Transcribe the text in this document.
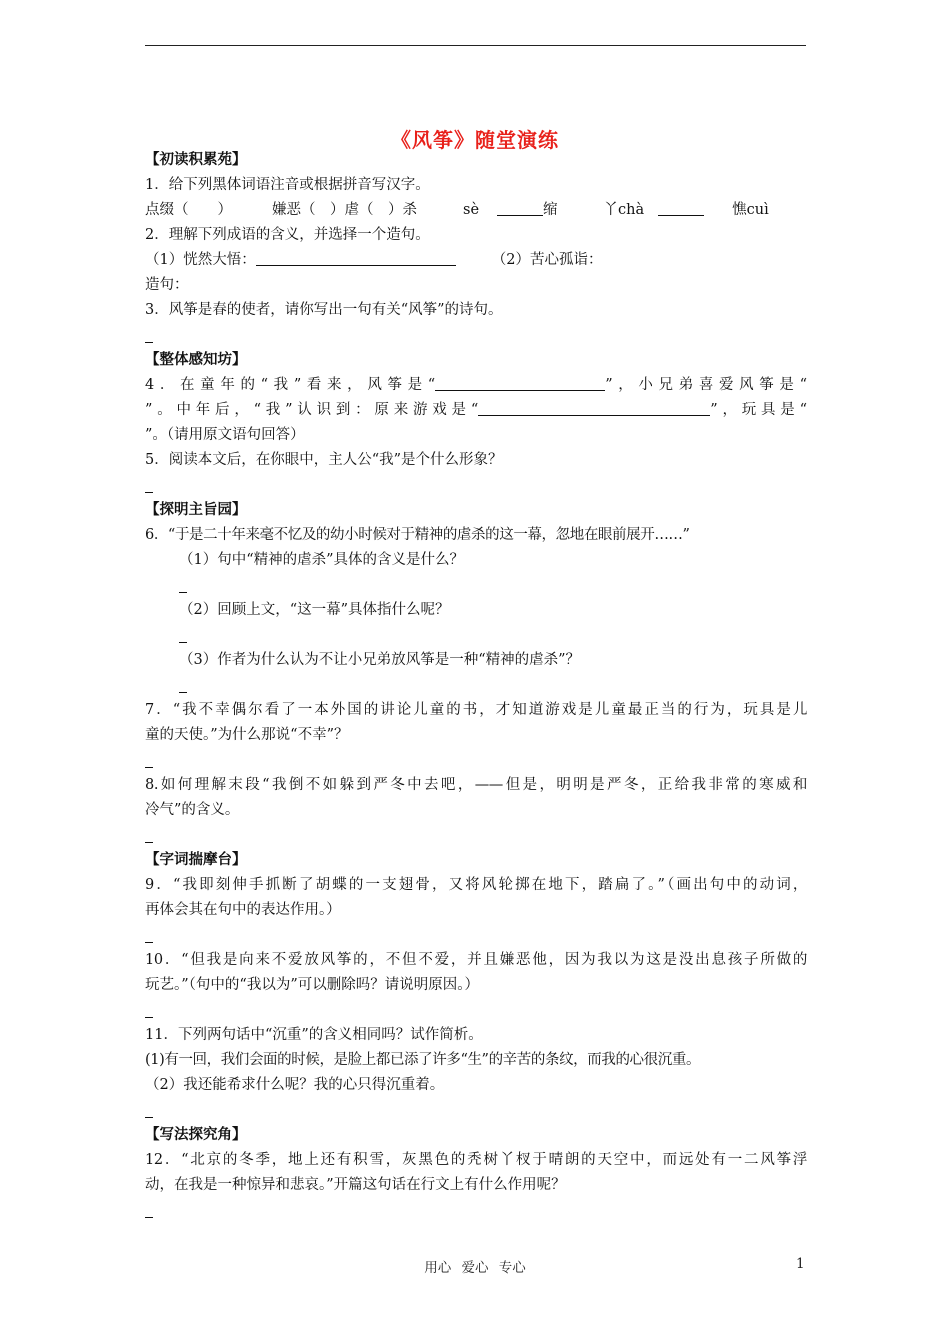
《风筝》随堂演练
【初读积累苑】
1．给下列黑体词语注音或根据拼音写汉字。
点缀（　　）	嫌恶（　）虐（　）杀	sè	缩	丫chà	憔cuì
2．理解下列成语的含义，并选择一个造句。
（1）恍然大悟：	（2）苦心孤诣：
造句：
3．风筝是春的使者，请你写出一句有关“风筝”的诗句。
【整体感知坊】
4．在童年的“我”看来，风筝是“	”，小兄弟喜爱风筝是“
”。中年后，“我”认识到：原来游戏是“	”，玩具是“
”。（请用原文语句回答）
5．阅读本文后，在你眼中，主人公“我”是个什么形象？
【探明主旨园】
6．“于是二十年来毫不忆及的幼小时候对于精神的虐杀的这一幕，忽地在眼前展开……”
（1）句中“精神的虐杀”具体的含义是什么？
（2）回顾上文，“这一幕”具体指什么呢？
（3）作者为什么认为不让小兄弟放风筝是一种“精神的虐杀”？
7．“我不幸偶尔看了一本外国的讲论儿童的书，才知道游戏是儿童最正当的行为，玩具是儿
童的天使。”为什么那说“不幸”？
8.如何理解末段“我倒不如躲到严冬中去吧，——但是，明明是严冬，正给我非常的寒威和
冷气”的含义。
【字词揣摩台】
9．“我即刻伸手抓断了胡蝶的一支翅骨，又将风轮掷在地下，踏扁了。”（画出句中的动词，
再体会其在句中的表达作用。）
10．“但我是向来不爱放风筝的，不但不爱，并且嫌恶他，因为我以为这是没出息孩子所做的
玩艺。”（句中的“我以为”可以删除吗？请说明原因。）
11．下列两句话中“沉重”的含义相同吗？试作简析。
(1)有一回，我们会面的时候，是脸上都已添了许多“生”的辛苦的条纹，而我的心很沉重。
（2）我还能希求什么呢？我的心只得沉重着。
【写法探究角】
12．“北京的冬季，地上还有积雪，灰黑色的秃树丫杈于晴朗的天空中，而远处有一二风筝浮
动，在我是一种惊异和悲哀。”开篇这句话在行文上有什么作用呢？
用心 爱心 专心	1
